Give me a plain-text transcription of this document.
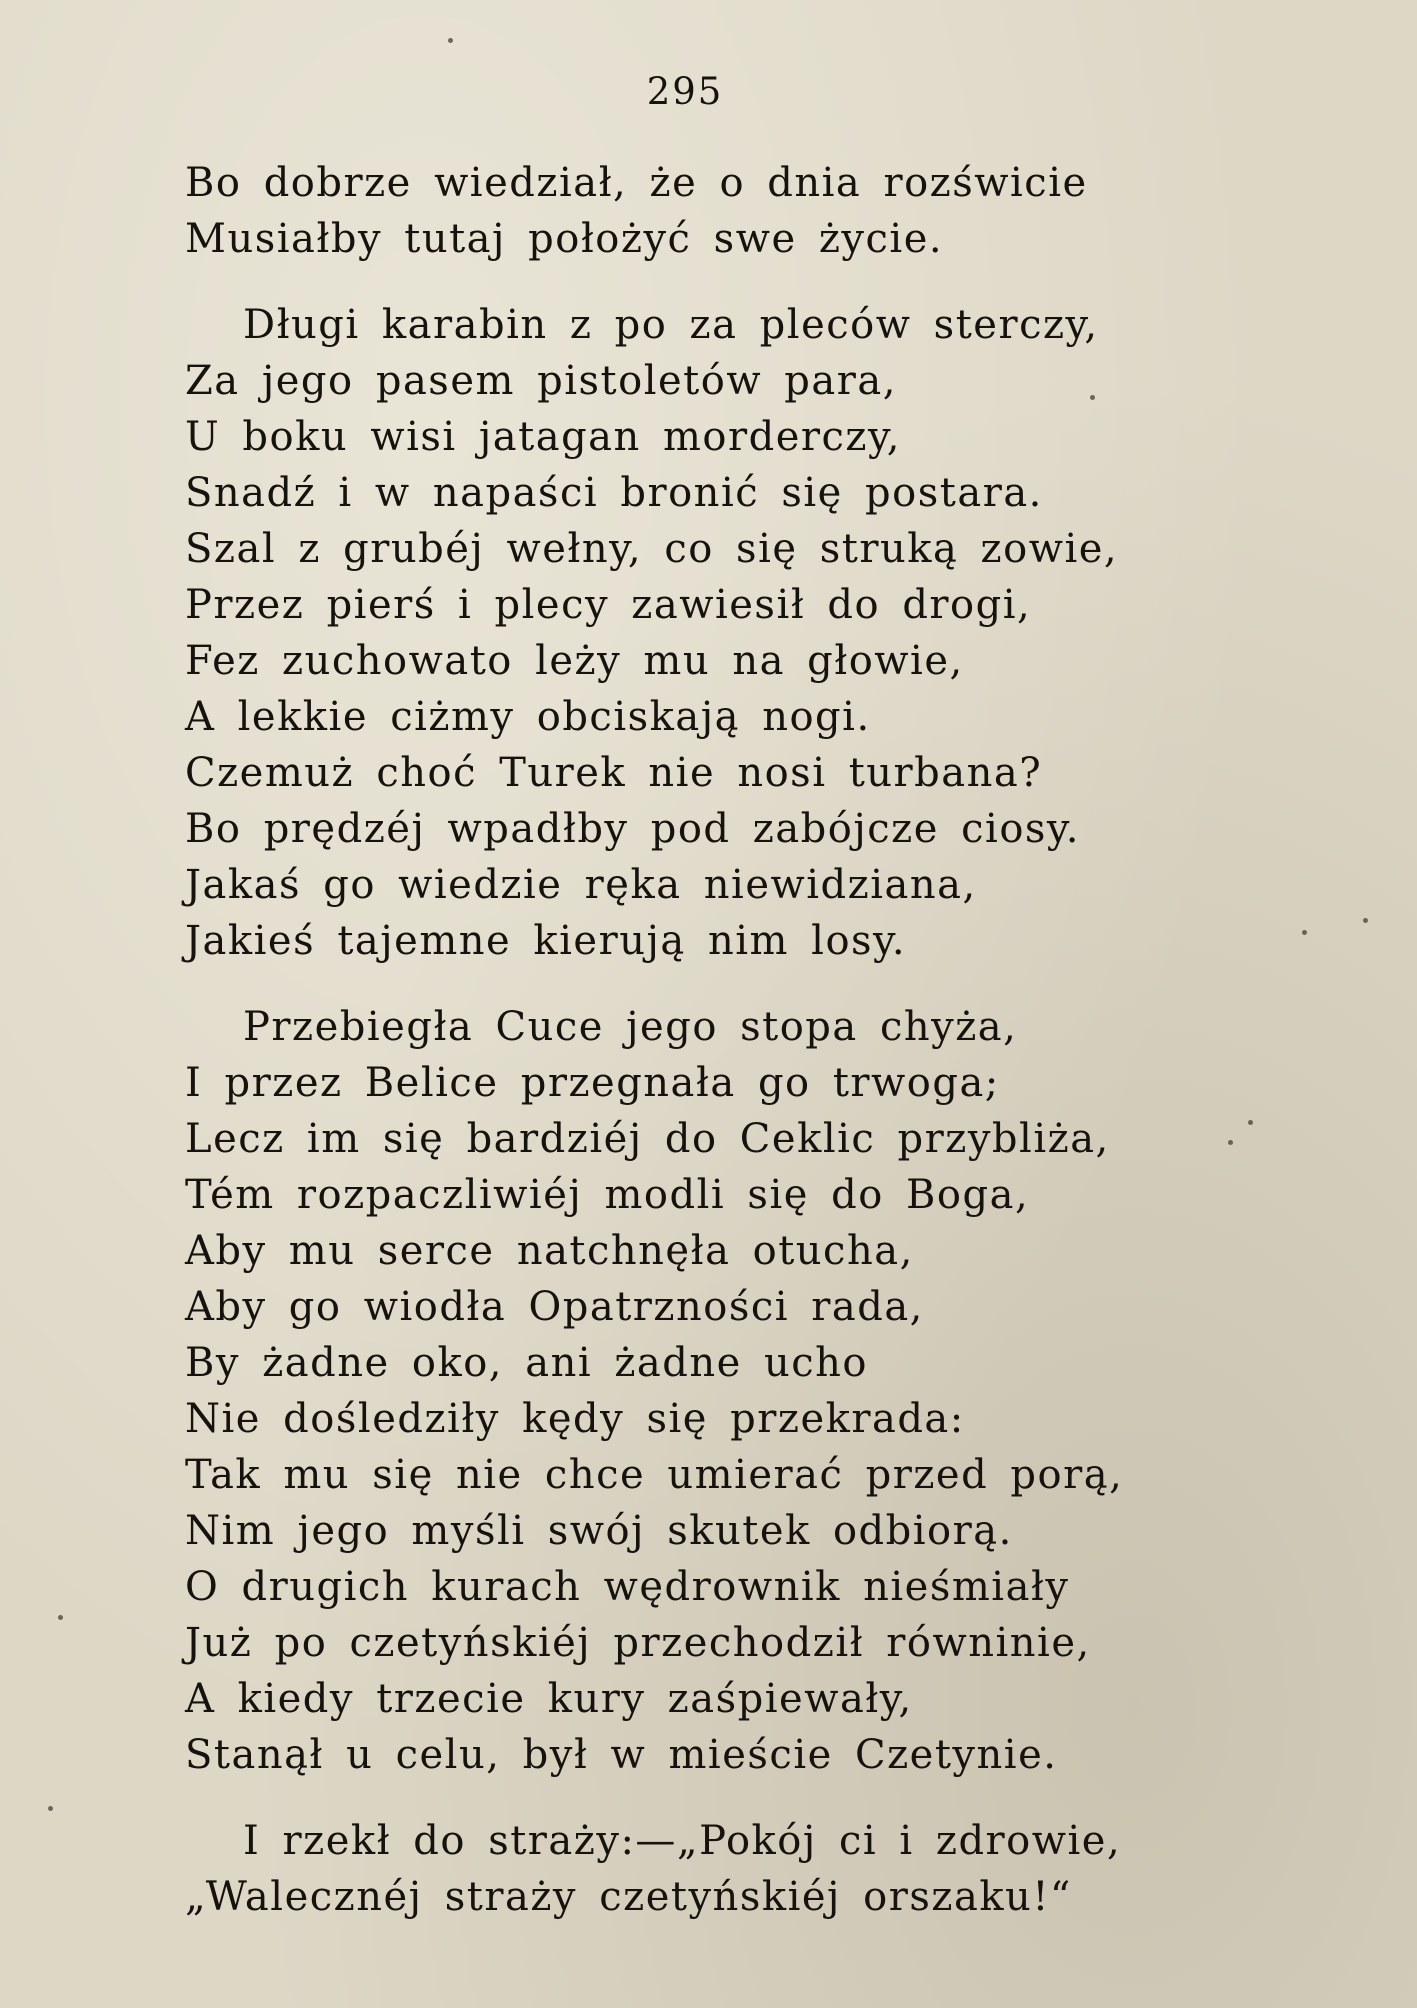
295
Bo dobrze wiedział, że o dnia rozświcie
Musiałby tutaj położyć swe życie.
Długi karabin z po za pleców sterczy,
Za jego pasem pistoletów para,
U boku wisi jatagan morderczy,
Snadź i w napaści bronić się postara.
Szal z grubéj wełny, co się struką zowie,
Przez pierś i plecy zawiesił do drogi,
Fez zuchowato leży mu na głowie,
A lekkie ciżmy obciskają nogi.
Czemuż choć Turek nie nosi turbana?
Bo prędzéj wpadłby pod zabójcze ciosy.
Jakaś go wiedzie ręka niewidziana,
Jakieś tajemne kierują nim losy.
Przebiegła Cuce jego stopa chyża,
I przez Belice przegnała go trwoga;
Lecz im się bardziéj do Ceklic przybliża,
Tém rozpaczliwiéj modli się do Boga,
Aby mu serce natchnęła otucha,
Aby go wiodła Opatrzności rada,
By żadne oko, ani żadne ucho
Nie dośledziły kędy się przekrada:
Tak mu się nie chce umierać przed porą,
Nim jego myśli swój skutek odbiorą.
O drugich kurach wędrownik nieśmiały
Już po czetyńskiéj przechodził równinie,
A kiedy trzecie kury zaśpiewały,
Stanął u celu, był w mieście Czetynie.
I rzekł do straży:—„Pokój ci i zdrowie,
„Walecznéj straży czetyńskiéj orszaku!“
